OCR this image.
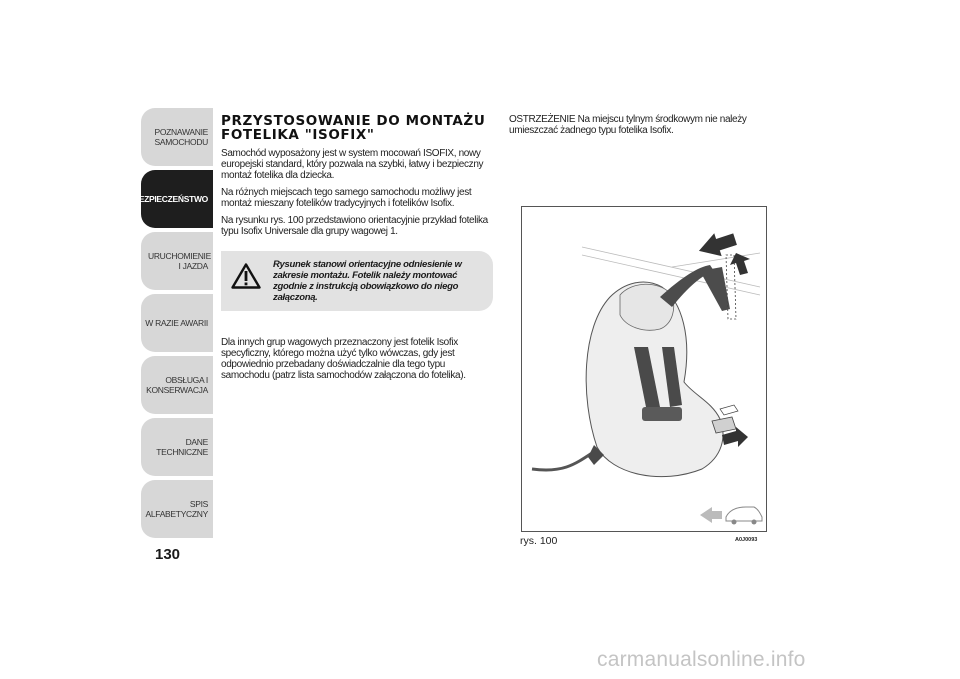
POZNAWANIE SAMOCHODU
BEZPIECZEŃSTWO
URUCHOMIENIE I JAZDA
W RAZIE AWARII
OBSŁUGA I KONSERWACJA
DANE TECHNICZNE
SPIS ALFABETYCZNY
130
PRZYSTOSOWANIE DO MONTAŻU FOTELIKA "ISOFIX"

Samochód wyposażony jest w system mocowań ISOFIX, nowy europejski standard, który pozwala na szybki, łatwy i bezpieczny montaż fotelika dla dziecka.

Na różnych miejscach tego samego samochodu możliwy jest montaż mieszany fotelików tradycyjnych i fotelików Isofix.

Na rysunku rys. 100 przedstawiono orientacyjnie przykład fotelika typu Isofix Universale dla grupy wagowej 1.

Rysunek stanowi orientacyjne odniesienie w zakresie montażu. Fotelik należy montować zgodnie z instrukcją obowiązkowo do niego załączoną.

Dla innych grup wagowych przeznaczony jest fotelik Isofix specyficzny, którego można użyć tylko wówczas, gdy jest odpowiednio przebadany doświadczalnie dla tego typu samochodu (patrz lista samochodów załączona do fotelika).

OSTRZEŻENIE Na miejscu tylnym środkowym nie należy umieszczać żadnego typu fotelika Isofix.

rys. 100	A0J0093
carmanualsonline.info
